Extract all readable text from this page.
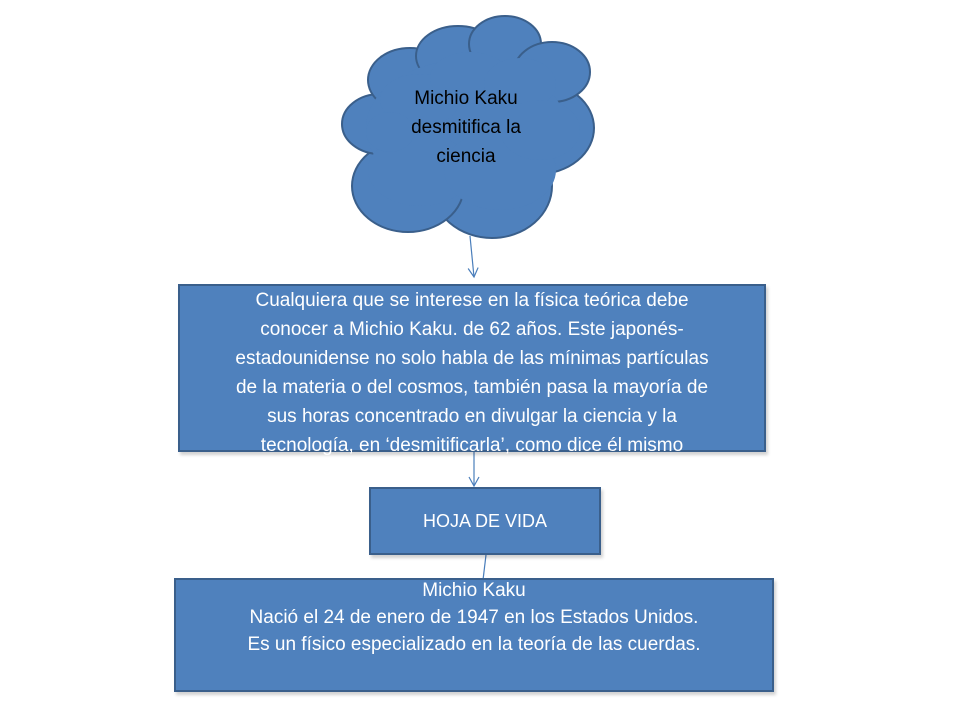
Michio Kaku
desmitifica la
ciencia
Cualquiera que se interese en la física teórica debe
conocer a Michio Kaku. de 62 años. Este japonés-
estadounidense no solo habla de las mínimas partículas
de la materia o del cosmos, también pasa la mayoría de
sus horas concentrado en divulgar la ciencia y la
tecnología, en ‘desmitificarla’, como dice él mismo
HOJA DE VIDA
Michio Kaku
Nació el 24 de enero de 1947 en los Estados Unidos.
Es un físico especializado en la teoría de las cuerdas.
